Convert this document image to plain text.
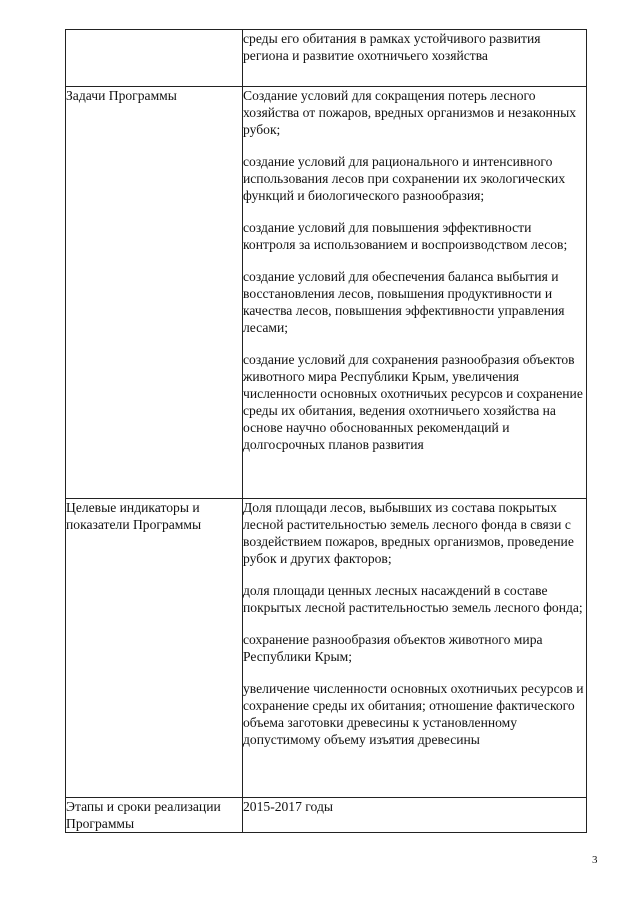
	среды его обитания в рамках устойчивого развития региона и развитие охотничьего хозяйства

Задачи Программы	Создание условий для сокращения потерь лесного хозяйства от пожаров, вредных организмов и незаконных рубок;
создание условий для рационального и интенсивного использования лесов при сохранении их экологических функций и биологического разнообразия;
создание условий для повышения эффективности контроля за использованием и воспроизводством лесов;
создание условий для обеспечения баланса выбытия и восстановления лесов, повышения продуктивности и качества лесов, повышения эффективности управления лесами;
создание условий для сохранения разнообразия объектов животного мира Республики Крым, увеличения численности основных охотничьих ресурсов и сохранение среды их обитания, ведения охотничьего хозяйства на основе научно обоснованных рекомендаций и долгосрочных планов развития

Целевые индикаторы и показатели Программы	Доля площади лесов, выбывших из состава покрытых лесной растительностью земель лесного фонда в связи с воздействием пожаров, вредных организмов, проведение рубок и других факторов;
доля площади ценных лесных насаждений в составе покрытых лесной растительностью земель лесного фонда;
сохранение разнообразия объектов животного мира Республики Крым;
увеличение численности основных охотничьих ресурсов и сохранение среды их обитания; отношение фактического объема заготовки древесины к установленному допустимому объему изъятия древесины

Этапы и сроки реализации Программы	2015-2017 годы
3
